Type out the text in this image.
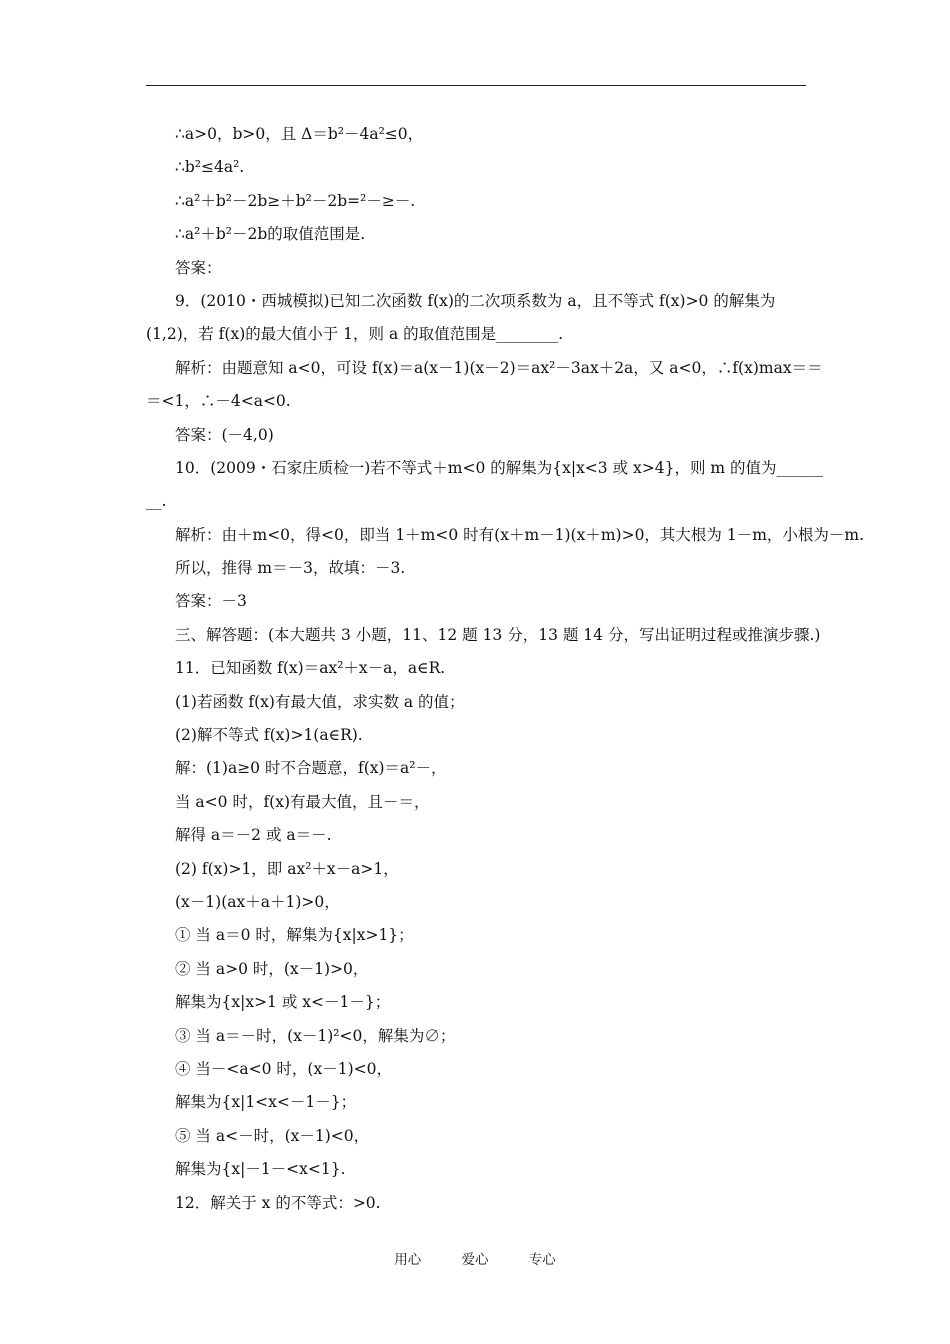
∴a>0，b>0，且 Δ＝b²－4a²≤0，
∴b²≤4a².
∴a²＋b²－2b≥＋b²－2b=²－≥－.
∴a²＋b²－2b的取值范围是.
答案：
9．(2010・西城模拟)已知二次函数 f(x)的二次项系数为 a，且不等式 f(x)>0 的解集为
(1,2)，若 f(x)的最大值小于 1，则 a 的取值范围是________.
解析：由题意知 a<0，可设 f(x)＝a(x－1)(x－2)＝ax²－3ax＋2a，又 a<0，∴f(x)max＝＝
＝<1，∴－4<a<0.
答案：(－4,0)
10．(2009・石家庄质检一)若不等式＋m<0 的解集为{x|x<3 或 x>4}，则 m 的值为______
__.
解析：由＋m<0，得<0，即当 1＋m<0 时有(x＋m－1)(x＋m)>0，其大根为 1－m，小根为－m.
所以，推得 m＝－3，故填：－3.
答案：－3
三、解答题：(本大题共 3 小题，11、12 题 13 分，13 题 14 分，写出证明过程或推演步骤.)
11．已知函数 f(x)＝ax²＋x－a，a∈R.
(1)若函数 f(x)有最大值，求实数 a 的值；
(2)解不等式 f(x)>1(a∈R).
解：(1)a≥0 时不合题意，f(x)＝a²－，
当 a<0 时，f(x)有最大值，且－＝，
解得 a＝－2 或 a＝－.
(2) f(x)>1，即 ax²＋x－a>1，
(x－1)(ax＋a＋1)>0，
① 当 a＝0 时，解集为{x|x>1}；
② 当 a>0 时，(x－1)>0，
解集为{x|x>1 或 x<－1－}；
③ 当 a＝－时，(x－1)²<0，解集为∅；
④ 当－<a<0 时，(x－1)<0，
解集为{x|1<x<－1－}；
⑤ 当 a<－时，(x－1)<0，
解集为{x|－1－<x<1}.
12．解关于 x 的不等式：>0.
用心	爱心	专心
